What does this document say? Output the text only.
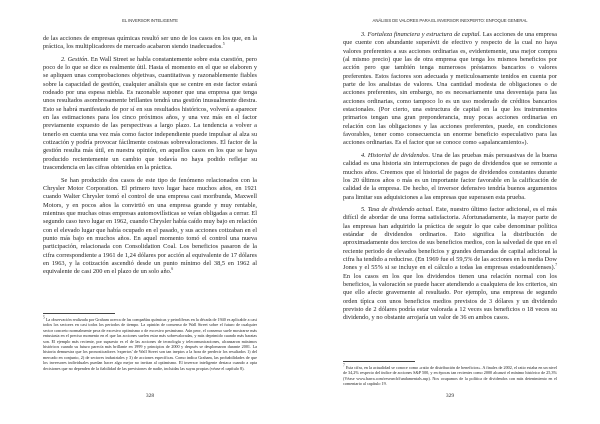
EL INVERSOR INTELIGENTE

de las acciones de empresas químicas resultó ser uno de los casos en los que, en la práctica, los multiplicadores de mercado acabaron siendo inadecuados.$^5$

2. Gestión. En Wall Street se habla constantemente sobre esta cuestión, pero poco de lo que se dice es realmente útil. Hasta el momento en el que se elaboren y se apliquen unas comprobaciones objetivas, cuantitativas y razonablemente fiables sobre la capacidad de gestión, cualquier análisis que se centre en este factor estará rodeado por una espesa niebla. Es razonable suponer que una empresa que tenga unos resultados asombrosamente brillantes tendrá una gestión inusualmente diestra. Esto se habrá manifestado de por sí en sus resultados históricos, volverá a aparecer en las estimaciones para los cinco próximos años, y una vez más en el factor previamente expuesto de las perspectivas a largo plazo. La tendencia a volver a tenerlo en cuenta una vez más como factor independiente puede impulsar al alza su cotización y podría provocar fácilmente costosas sobrevaloraciones. El factor de la gestión resulta más útil, en nuestra opinión, en aquellos casos en los que se haya producido recientemente un cambio que todavía no haya podido reflejar su trascendencia en las cifras obtenidas en la práctica.

Se han producido dos casos de este tipo de fenómeno relacionados con la Chrysler Motor Corporation. El primero tuvo lugar hace muchos años, en 1921 cuando Walter Chrysler tomó el control de una empresa casi moribunda, Maxwell Motors, y en pocos años la convirtió en una empresa grande y muy rentable, mientras que muchas otras empresas automovilísticas se veían obligadas a cerrar. El segundo caso tuvo lugar en 1962, cuando Chrysler había caído muy bajo en relación con el elevado lugar que había ocupado en el pasado, y sus acciones cotizaban en el punto más bajo en muchos años. En aquel momento tomó el control una nueva participación, relacionada con Consolidation Coal. Los beneficios pasaron de la cifra correspondiente a 1961 de 1,24 dólares por acción al equivalente de 17 dólares en 1963, y la cotización ascendió desde un punto mínimo del 38,5 en 1962 al equivalente de casi 200 en el plazo de un solo año.$^6$

$^5$ La observación realizada por Graham acerca de las compañías químicas y petrolíferas en la década de 1940 es aplicable a casi todos los sectores en casi todos los periodos de tiempo. La opinión de consenso de Wall Street sobre el futuro de cualquier sector concreto normalmente peca de excesivo optimismo o de excesivo pesimismo. Aún peor, el consenso suele mostrarse más entusiasta en el preciso momento en el que las acciones suelen estar más sobrevaloradas, y más deprimido cuando más baratas son. El ejemplo más reciente, por supuesto es el de las acciones de tecnología y telecomunicaciones, alcanzaron máximos históricos cuando su futuro parecía más brillante en 1999 y principios de 2000 y después se desplomaron durante 2001. La historia demuestra que los pronosticadores 'expertos' de Wall Street son tan ineptos a la hora de predecir los resultados 1) del mercado en conjunto, 2) de sectores industriales y 3) de acciones específicas. Como indica Graham, las probabilidades de que los inversores individuales puedan hacer algo mejor no invitan al optimismo. El inversor inteligente destaca cuando a opta decisiones que no dependen de la fiabilidad de las previsiones de nadie, incluidas las suyas propias (véase el capítulo 8).
328
ANÁLISIS DE VALORES PARA EL INVERSOR INEXPERTO: ENFOQUE GENERAL

3. Fortaleza financiera y estructura de capital. Las acciones de una empresa que cuente con abundante superávit de efectivo y respecto de la cual no haya valores preferentes a sus acciones ordinarias es, evidentemente, una mejor compra (al mismo precio) que las de otra empresa que tenga los mismos beneficios por acción pero que también tenga numerosos préstamos bancarios o valores preferentes. Estos factores son adecuada y meticulosamente tenidos en cuenta por parte de los analistas de valores. Una cantidad modesta de obligaciones o de acciones preferentes, sin embargo, no es necesariamente una desventaja para las acciones ordinarias, como tampoco lo es un uso moderado de créditos bancarios estacionales. (Por cierto, una estructura de capital en la que los instrumentos primarios tengan una gran preponderancia, muy pocas acciones ordinarias en relación con las obligaciones y las acciones preferentes, puede, en condiciones favorables, tener como consecuencia un enorme beneficio especulativo para las acciones ordinarias. Es el factor que se conoce como «apalancamiento»).

4. Historial de dividendos. Una de las pruebas más persuasivas de la buena calidad es una historia sin interrupciones de pago de dividendos que se remonte a muchos años. Creemos que el historial de pagos de dividendos constantes durante los 20 últimos años o más es un importante factor favorable en la calificación de calidad de la empresa. De hecho, el inversor defensivo tendría buenos argumentos para limitar sus adquisiciones a las empresas que superasen esta prueba.

5. Tasa de dividendo actual. Este, nuestro último factor adicional, es el más difícil de abordar de una forma satisfactoria. Afortunadamente, la mayor parte de las empresas han adquirido la práctica de seguir lo que cabe denominar política estándar de dividendos ordinarios. Esto significa la distribución de aproximadamente dos tercios de sus beneficios medios, con la salvedad de que en el reciente periodo de elevados beneficios y grandes demandas de capital adicional la cifra ha tendido a reducirse. (En 1969 fue el 59,5% de las acciones en la media Dow Jones y el 55% si se incluye en el cálculo a todas las empresas estadounidenses).$^7$ En los casos en los que los dividendos tienen una relación normal con los beneficios, la valoración se puede hacer atendiendo a cualquiera de los criterios, sin que ello afecte gravemente al resultado. Por ejemplo, una empresa de segundo orden típica con unos beneficios medios previstos de 3 dólares y un dividendo previsto de 2 dólares podría estar valorada a 12 veces sus beneficios o 18 veces su dividendo, y no obstante arrojaría un valor de 36 en ambos casos.

$^7$ Esta cifra, en la actualidad se conoce como «ratio de distribución de beneficios». A finales de 2002, el ratio estaba en un nivel de 34,2% respecto del índice de acciones S&P 500, y en épocas tan recientes como 2000 alcanzó el mínimo histórico de 25,3% (Véase www.barra.com/research/fundamentals.asp). Nos ocupamos de la política de dividendos con más detenimiento en el comentario al capítulo 19.
329
